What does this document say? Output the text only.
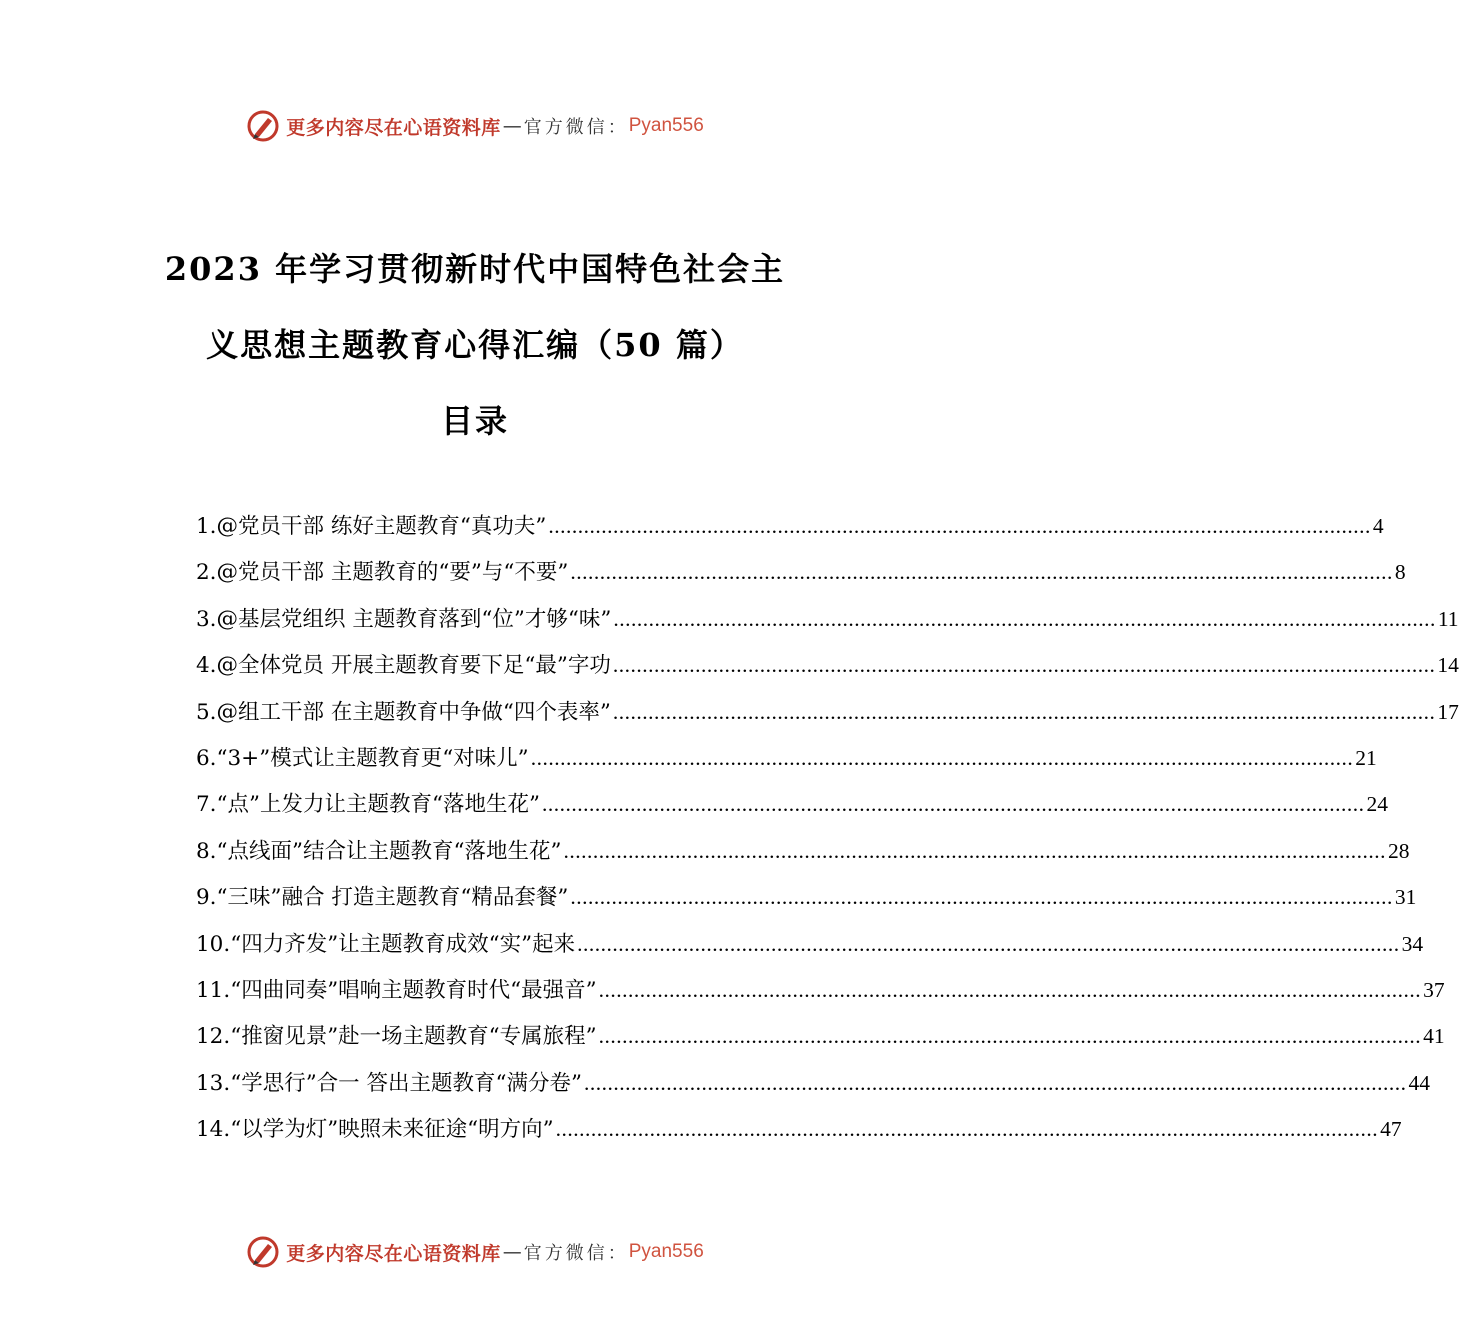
更多内容尽在心语资料库 — 官方微信： Pyan556
2023 年学习贯彻新时代中国特色社会主
义思想主题教育心得汇编（50 篇）
目录
1. @党员干部 练好主题教育“真功夫” .....	4
2. @党员干部 主题教育的“要”与“不要” .....	8
3. @基层党组织 主题教育落到“位”才够“味” .....	11
4. @全体党员 开展主题教育要下足“最”字功 .....	14
5. @组工干部 在主题教育中争做“四个表率” .....	17
6. “3+”模式让主题教育更“对味儿” .....	21
7. “点”上发力让主题教育“落地生花” .....	24
8. “点线面”结合让主题教育“落地生花” .....	28
9. “三味”融合 打造主题教育“精品套餐” .....	31
10. “四力齐发”让主题教育成效“实”起来 .....	34
11. “四曲同奏”唱响主题教育时代“最强音” .....	37
12. “推窗见景”赴一场主题教育“专属旅程” .....	41
13. “学思行”合一 答出主题教育“满分卷” .....	44
14. “以学为灯”映照未来征途“明方向” .....	47
更多内容尽在心语资料库 — 官方微信： Pyan556
